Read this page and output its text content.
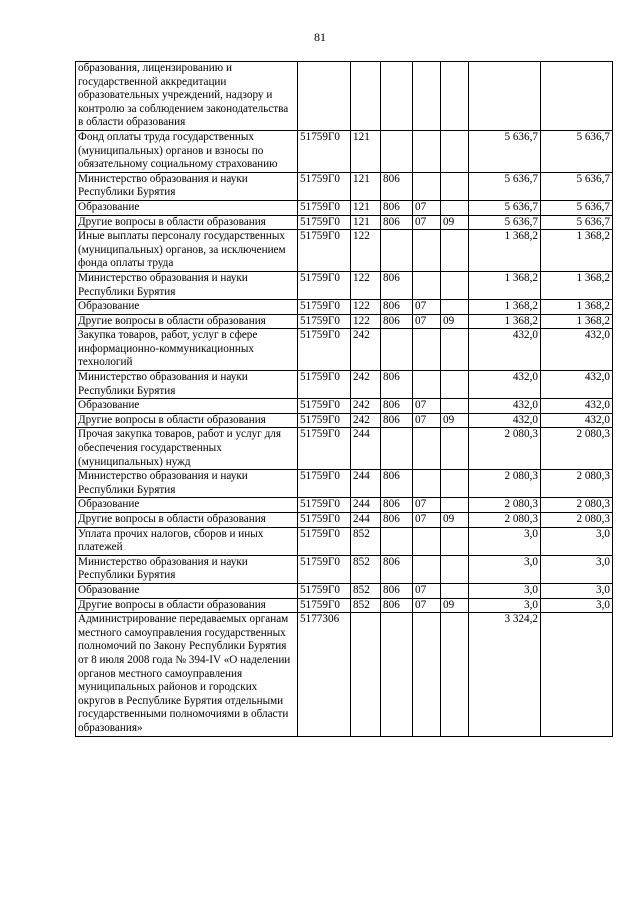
81
образования, лицензированию и государственной аккредитации образовательных учреждений, надзору и контролю за соблюдением законодательства в области образования							
Фонд оплаты труда государственных (муниципальных) органов и взносы по обязательному социальному страхованию	51759Г0	121				5 636,7	5 636,7
Министерство образования и науки Республики Бурятия	51759Г0	121	806			5 636,7	5 636,7
Образование	51759Г0	121	806	07		5 636,7	5 636,7
Другие вопросы в области образования	51759Г0	121	806	07	09	5 636,7	5 636,7
Иные выплаты персоналу государственных (муниципальных) органов, за исключением фонда оплаты труда	51759Г0	122				1 368,2	1 368,2
Министерство образования и науки Республики Бурятия	51759Г0	122	806			1 368,2	1 368,2
Образование	51759Г0	122	806	07		1 368,2	1 368,2
Другие вопросы в области образования	51759Г0	122	806	07	09	1 368,2	1 368,2
Закупка товаров, работ, услуг в сфере информационно-коммуникационных технологий	51759Г0	242				432,0	432,0
Министерство образования и науки Республики Бурятия	51759Г0	242	806			432,0	432,0
Образование	51759Г0	242	806	07		432,0	432,0
Другие вопросы в области образования	51759Г0	242	806	07	09	432,0	432,0
Прочая закупка товаров, работ и услуг для обеспечения государственных (муниципальных) нужд	51759Г0	244				2 080,3	2 080,3
Министерство образования и науки Республики Бурятия	51759Г0	244	806			2 080,3	2 080,3
Образование	51759Г0	244	806	07		2 080,3	2 080,3
Другие вопросы в области образования	51759Г0	244	806	07	09	2 080,3	2 080,3
Уплата прочих налогов, сборов и иных платежей	51759Г0	852				3,0	3,0
Министерство образования и науки Республики Бурятия	51759Г0	852	806			3,0	3,0
Образование	51759Г0	852	806	07		3,0	3,0
Другие вопросы в области образования	51759Г0	852	806	07	09	3,0	3,0
Администрирование передаваемых органам местного самоуправления государственных полномочий по Закону Республики Бурятия от 8 июля 2008 года № 394-IV «О наделении органов местного самоуправления муниципальных районов и городских округов в Республике Бурятия отдельными государственными полномочиями в области образования»	5177306					3 324,2	
